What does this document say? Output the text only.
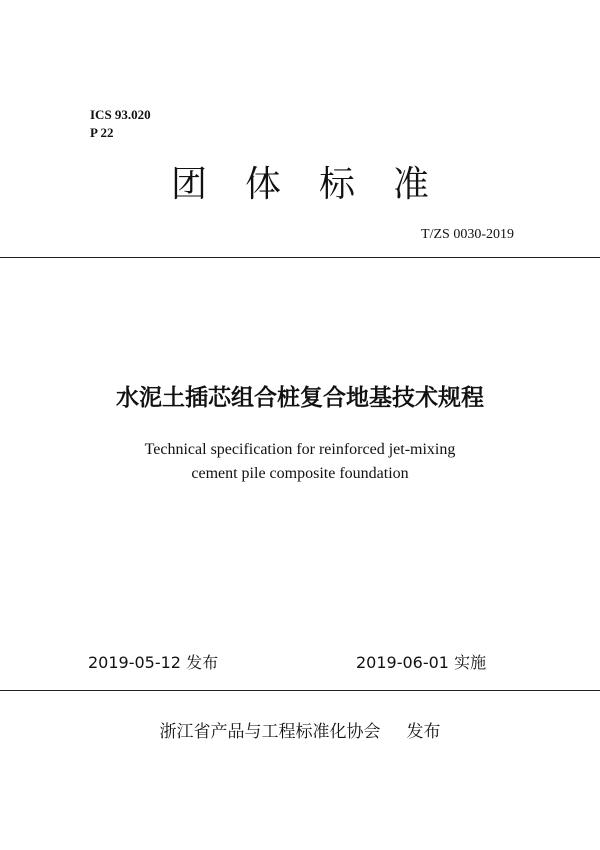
ICS 93.020
P 22
团体标准
T/ZS 0030-2019
水泥土插芯组合桩复合地基技术规程
Technical specification for reinforced jet-mixing
cement pile composite foundation
2019-05-12 发布	2019-06-01 实施
浙江省产品与工程标准化协会 发布
